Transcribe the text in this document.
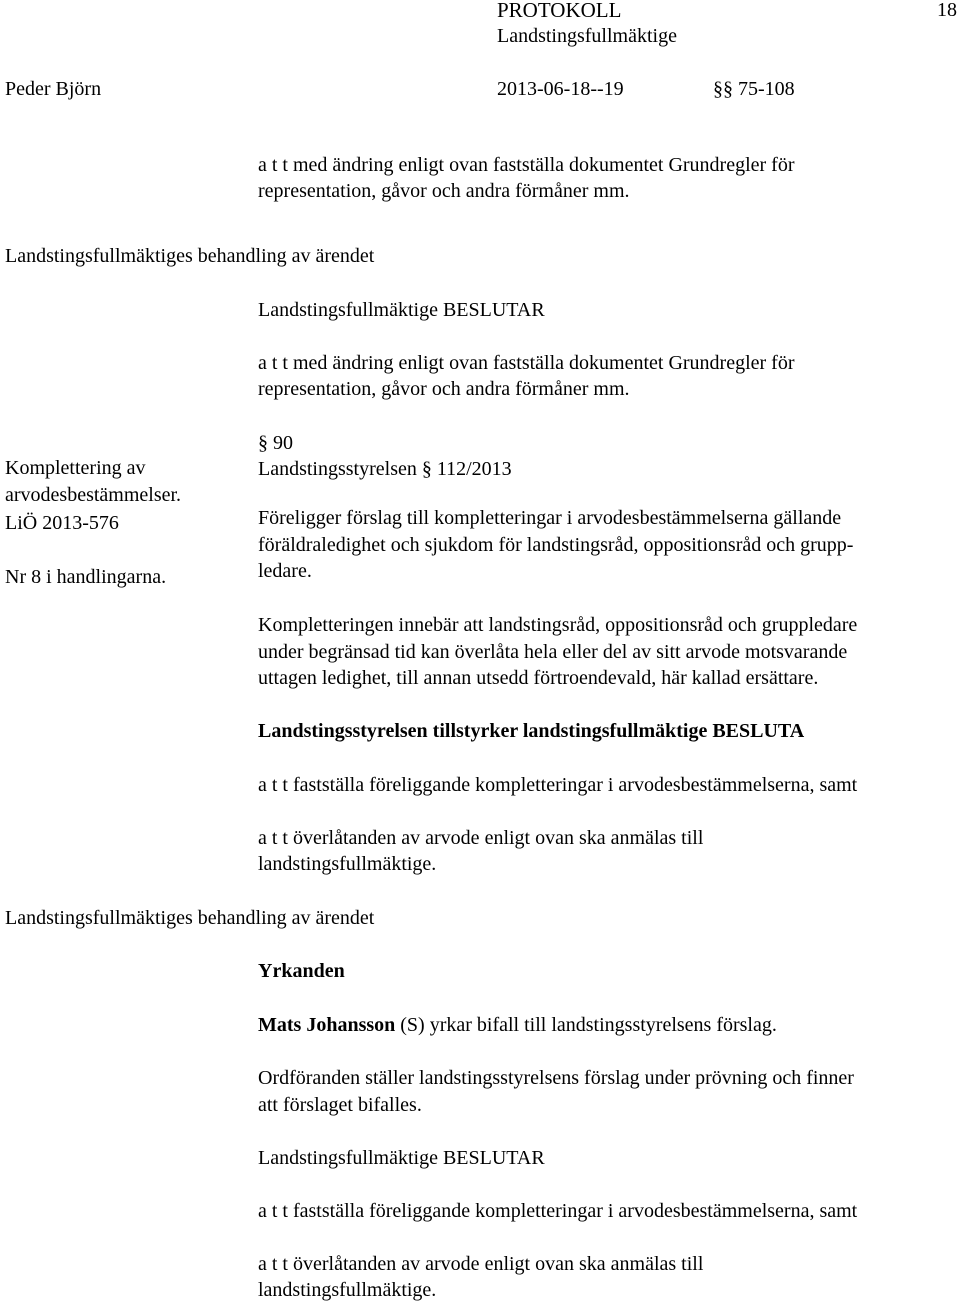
PROTOKOLL	18
Landstingsfullmäktige
Peder Björn	2013-06-18--19	§§ 75-108
a t t med ändring enligt ovan fastställa dokumentet Grundregler för
representation, gåvor och andra förmåner mm.
Landstingsfullmäktiges behandling av ärendet
Landstingsfullmäktige BESLUTAR
a t t med ändring enligt ovan fastställa dokumentet Grundregler för
representation, gåvor och andra förmåner mm.
Komplettering av
arvodesbestämmelser.
LiÖ 2013-576
Nr 8 i handlingarna.
§ 90
Landstingsstyrelsen § 112/2013
Föreligger förslag till kompletteringar i arvodesbestämmelserna gällande
föräldraledighet och sjukdom för landstingsråd, oppositionsråd och grupp-
ledare.
Kompletteringen innebär att landstingsråd, oppositionsråd och gruppledare
under begränsad tid kan överlåta hela eller del av sitt arvode motsvarande
uttagen ledighet, till annan utsedd förtroendevald, här kallad ersättare.
Landstingsstyrelsen tillstyrker landstingsfullmäktige BESLUTA
a t t fastställa föreliggande kompletteringar i arvodesbestämmelserna, samt
a t t överlåtanden av arvode enligt ovan ska anmälas till
landstingsfullmäktige.
Landstingsfullmäktiges behandling av ärendet
Yrkanden
Mats Johansson (S) yrkar bifall till landstingsstyrelsens förslag.
Ordföranden ställer landstingsstyrelsens förslag under prövning och finner
att förslaget bifalles.
Landstingsfullmäktige BESLUTAR
a t t fastställa föreliggande kompletteringar i arvodesbestämmelserna, samt
a t t överlåtanden av arvode enligt ovan ska anmälas till
landstingsfullmäktige.
